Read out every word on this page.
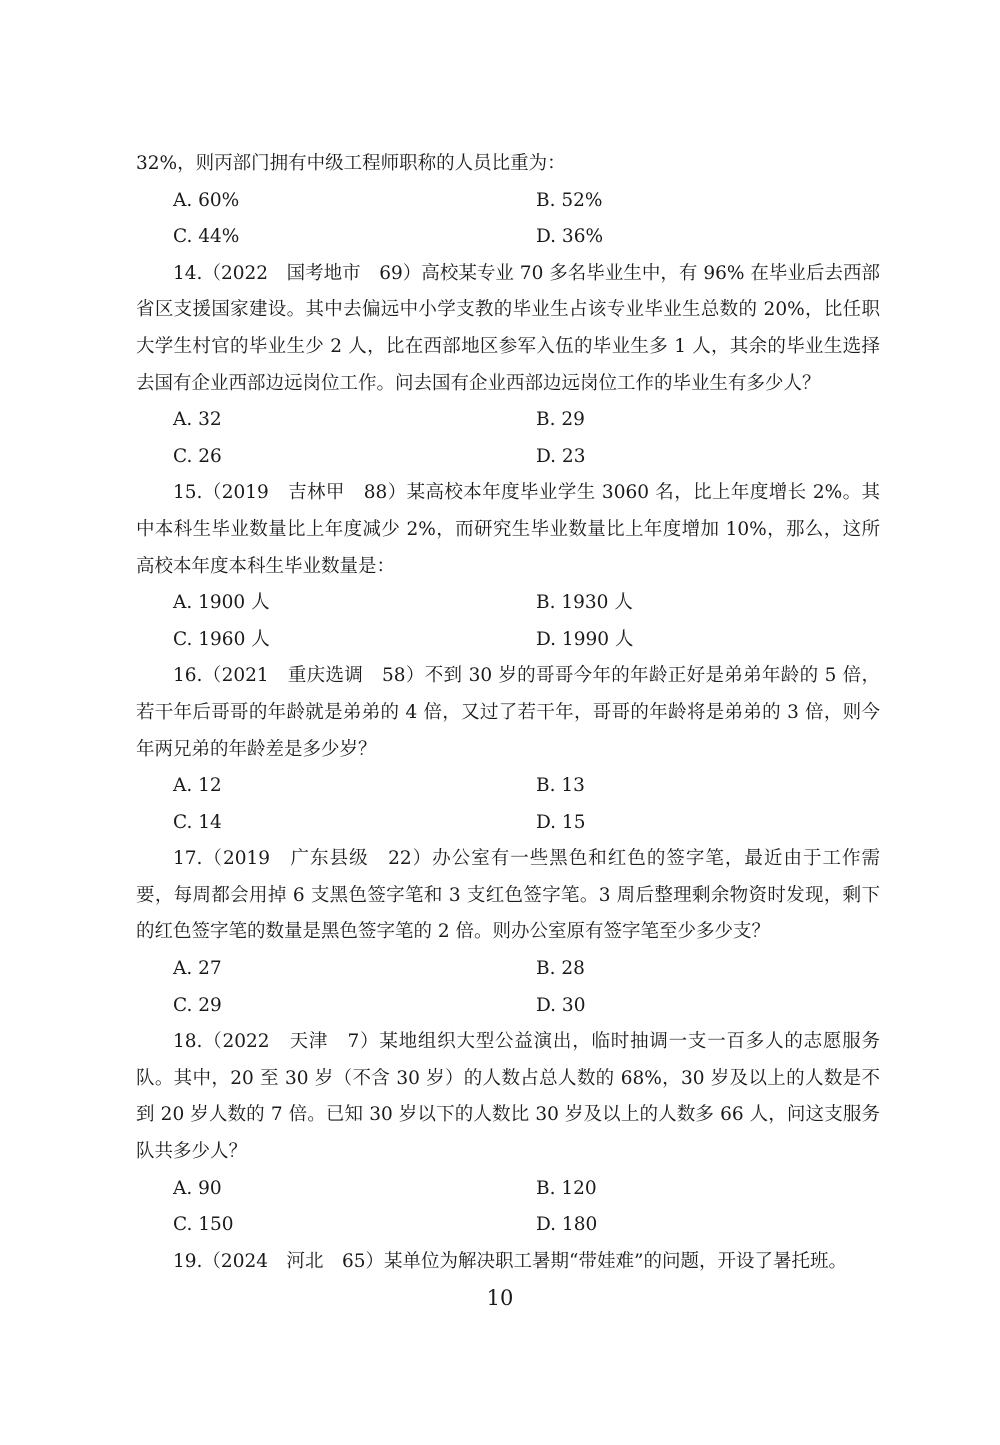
32%，则丙部门拥有中级工程师职称的人员比重为：

A. 60%	B. 52%
C. 44%	D. 36%

14.（2022　国考地市　69）高校某专业 70 多名毕业生中，有 96% 在毕业后去西部省区支援国家建设。其中去偏远中小学支教的毕业生占该专业毕业生总数的 20%，比任职大学生村官的毕业生少 2 人，比在西部地区参军入伍的毕业生多 1 人，其余的毕业生选择去国有企业西部边远岗位工作。问去国有企业西部边远岗位工作的毕业生有多少人？

A. 32	B. 29
C. 26	D. 23

15.（2019　吉林甲　88）某高校本年度毕业学生 3060 名，比上年度增长 2%。其中本科生毕业数量比上年度减少 2%，而研究生毕业数量比上年度增加 10%，那么，这所高校本年度本科生毕业数量是：

A. 1900 人	B. 1930 人
C. 1960 人	D. 1990 人

16.（2021　重庆选调　58）不到 30 岁的哥哥今年的年龄正好是弟弟年龄的 5 倍，若干年后哥哥的年龄就是弟弟的 4 倍，又过了若干年，哥哥的年龄将是弟弟的 3 倍，则今年两兄弟的年龄差是多少岁？

A. 12	B. 13
C. 14	D. 15

17.（2019　广东县级　22）办公室有一些黑色和红色的签字笔，最近由于工作需要，每周都会用掉 6 支黑色签字笔和 3 支红色签字笔。3 周后整理剩余物资时发现，剩下的红色签字笔的数量是黑色签字笔的 2 倍。则办公室原有签字笔至少多少支？

A. 27	B. 28
C. 29	D. 30

18.（2022　天津　7）某地组织大型公益演出，临时抽调一支一百多人的志愿服务队。其中，20 至 30 岁（不含 30 岁）的人数占总人数的 68%，30 岁及以上的人数是不到 20 岁人数的 7 倍。已知 30 岁以下的人数比 30 岁及以上的人数多 66 人，问这支服务队共多少人？

A. 90	B. 120
C. 150	D. 180

19.（2024　河北　65）某单位为解决职工暑期“带娃难”的问题，开设了暑托班。

10
